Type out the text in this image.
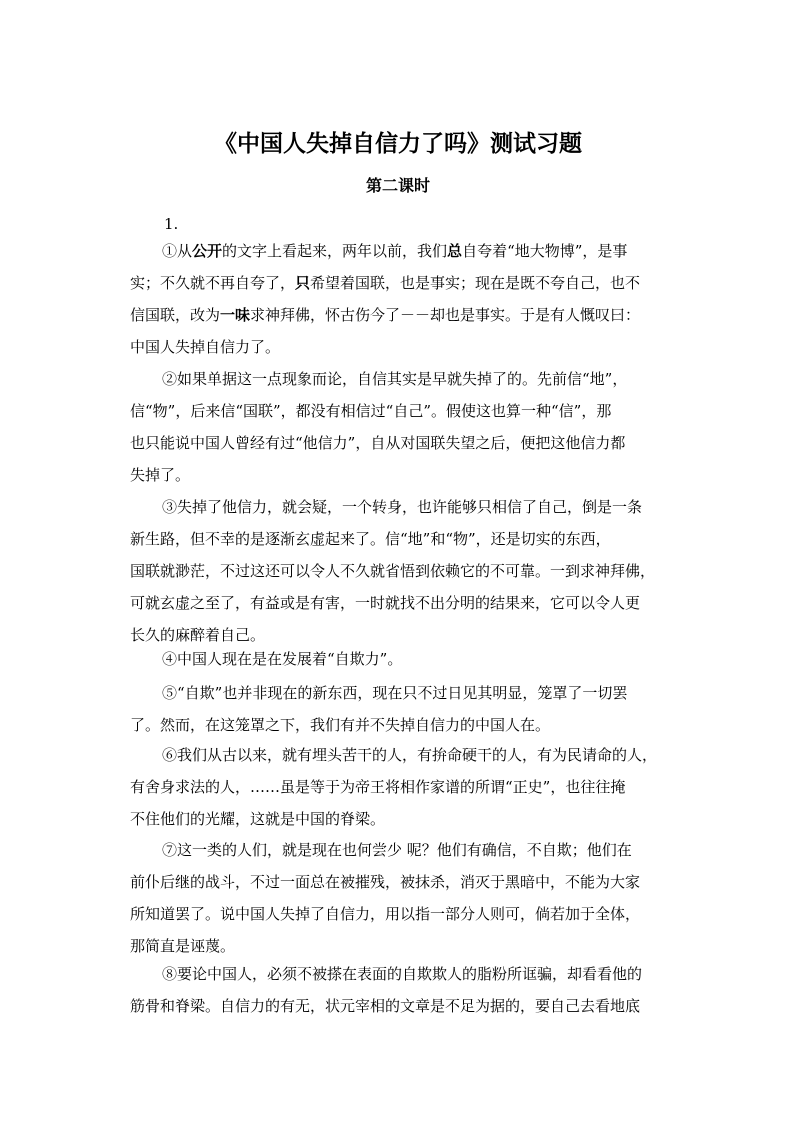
《中国人失掉自信力了吗》测试习题
第二课时
1.
①从公开的文字上看起来，两年以前，我们总自夸着“地大物博”，是事
实；不久就不再自夸了，只希望着国联，也是事实；现在是既不夸自己，也不
信国联，改为一味求神拜佛，怀古伤今了－－却也是事实。于是有人慨叹曰：
中国人失掉自信力了。
②如果单据这一点现象而论，自信其实是早就失掉了的。先前信“地”，
信“物”，后来信“国联”，都没有相信过“自己”。假使这也算一种“信”，那
也只能说中国人曾经有过“他信力”，自从对国联失望之后，便把这他信力都
失掉了。
③失掉了他信力，就会疑，一个转身，也许能够只相信了自己，倒是一条
新生路，但不幸的是逐渐玄虚起来了。信“地”和“物”，还是切实的东西，
国联就渺茫，不过这还可以令人不久就省悟到依赖它的不可靠。一到求神拜佛，
可就玄虚之至了，有益或是有害，一时就找不出分明的结果来，它可以令人更
长久的麻醉着自己。
④中国人现在是在发展着“自欺力”。
⑤“自欺”也并非现在的新东西，现在只不过日见其明显，笼罩了一切罢
了。然而，在这笼罩之下，我们有并不失掉自信力的中国人在。
⑥我们从古以来，就有埋头苦干的人，有拚命硬干的人，有为民请命的人，
有舍身求法的人，……虽是等于为帝王将相作家谱的所谓“正史”，也往往掩
不住他们的光耀，这就是中国的脊梁。
⑦这一类的人们，就是现在也何尝少 呢？他们有确信，不自欺；他们在
前仆后继的战斗，不过一面总在被摧残，被抹杀，消灭于黑暗中，不能为大家
所知道罢了。说中国人失掉了自信力，用以指一部分人则可，倘若加于全体，
那简直是诬蔑。
⑧要论中国人，必须不被搽在表面的自欺欺人的脂粉所诓骗，却看看他的
筋骨和脊梁。自信力的有无，状元宰相的文章是不足为据的，要自己去看地底
